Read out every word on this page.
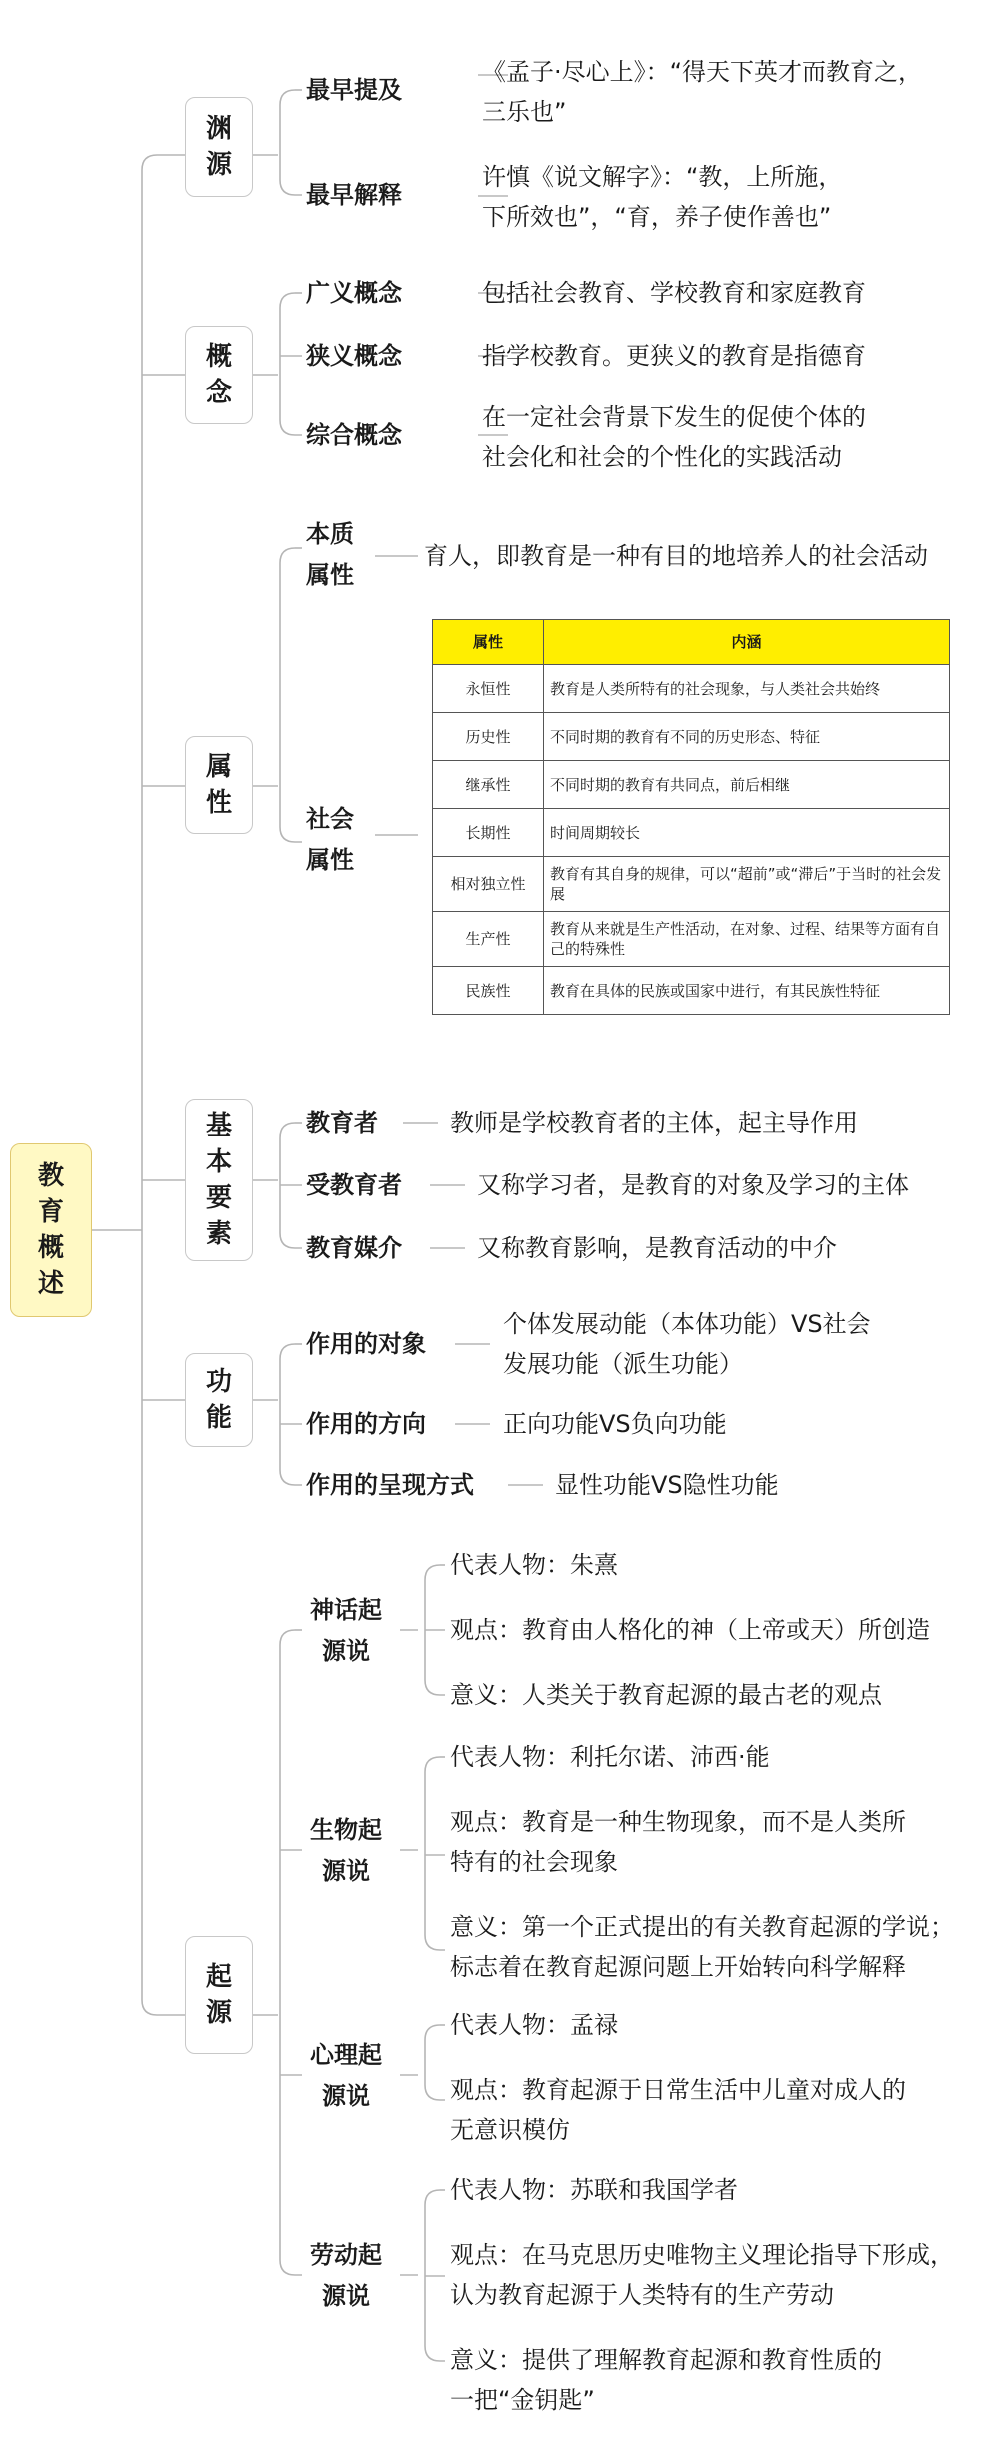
教育概述
渊源
概念
属性
基本要素
功能
起源
最早提及
《孟子·尽心上》：“得天下英才而教育之，
三乐也”
最早解释
许慎《说文解字》：“教，上所施，
下所效也”，“育，养子使作善也”
广义概念	包括社会教育、学校教育和家庭教育
狭义概念	指学校教育。更狭义的教育是指德育
综合概念
在一定社会背景下发生的促使个体的
社会化和社会的个性化的实践活动
本质属性
育人，即教育是一种有目的地培养人的社会活动
社会属性
属性	内涵
永恒性	教育是人类所特有的社会现象，与人类社会共始终
历史性	不同时期的教育有不同的历史形态、特征
继承性	不同时期的教育有共同点，前后相继
长期性	时间周期较长
相对独立性	教育有其自身的规律，可以“超前”或“滞后”于当时的社会发展
生产性	教育从来就是生产性活动，在对象、过程、结果等方面有自己的特殊性
民族性	教育在具体的民族或国家中进行，有其民族性特征
教育者	教师是学校教育者的主体，起主导作用
受教育者	又称学习者，是教育的对象及学习的主体
教育媒介	又称教育影响，是教育活动的中介
作用的对象
个体发展动能（本体功能）VS社会
发展功能（派生功能）
作用的方向	正向功能VS负向功能
作用的呈现方式	显性功能VS隐性功能
神话起源说
代表人物：朱熹
观点：教育由人格化的神（上帝或天）所创造
意义：人类关于教育起源的最古老的观点
生物起源说
代表人物：利托尔诺、沛西·能
观点：教育是一种生物现象，而不是人类所
特有的社会现象
意义：第一个正式提出的有关教育起源的学说；
标志着在教育起源问题上开始转向科学解释
心理起源说
代表人物：孟禄
观点：教育起源于日常生活中儿童对成人的
无意识模仿
劳动起源说
代表人物：苏联和我国学者
观点：在马克思历史唯物主义理论指导下形成，
认为教育起源于人类特有的生产劳动
意义：提供了理解教育起源和教育性质的
一把“金钥匙”
